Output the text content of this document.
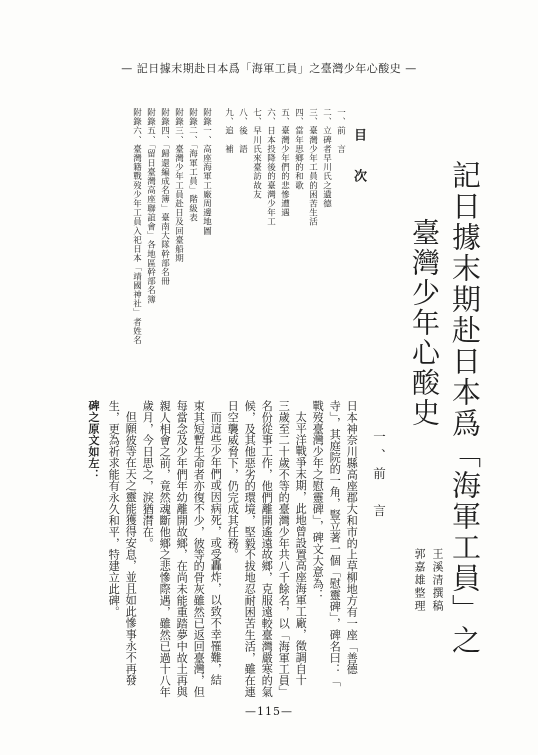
— 記日據末期赴日本爲「海軍工員」之臺灣少年心酸史 —
記日據末期赴日本爲「海軍工員」之
臺灣少年心酸史
王溪清撰稿
郭嘉雄整理
目次
一、前　言
二、立碑者早川氏之遺德
三、臺灣少年工員的困苦生活
四、當年思鄉的和歌
五、臺灣少年們的悲慘遭遇
六、日本投降後的臺灣少年工
七、早川氏來臺訪故友
八、後　語
九、追　補
附錄一、高座海軍工廠周邊地圖
附錄二、「海軍工員」階級表
附錄三、臺灣少年工員赴日及回臺船期
附錄四、「歸還編成名簿」臺南大隊幹部名冊
附錄五、「留日臺灣高座聯誼會」各地區幹部名簿
附錄六、臺灣籍戰歿少年工員入祀日本「靖國神社」者姓名
一、前　言
日本神奈川縣高座郡大和市的上草柳地方有一座「善德
寺」，其庭院的一角，豎立著一個「慰靈碑」，碑名曰：「
戰歿臺灣少年之慰靈碑」，碑文大意為：
太平洋戰爭末期，此地曾設置高座海軍工廠，徵調自十
三歲至二十歲不等的臺灣少年共八千餘名，以「海軍工員」
名份從事工作，他們離開遙遠故鄉，克服遠較臺灣嚴寒的氣
候，及其他惡劣的環境，堅毅不拔地忍耐困苦生活，雖在連
日空襲威脅下，仍完成其任務。
而這些少年們或因病死，或受轟炸，以致不幸罹難，結
束其短暫生命者亦復不少，彼等的骨灰雖然已返回臺灣，但
每當念及少年們年幼離開故鄉，在尚未能重踏夢中故土再與
親人相會之前，竟然魂斷他鄉之悲慘際遇，雖然已過十八年
歲月，今日思之，淚猶潸在。
但願彼等在天之靈能獲得安息，並且如此慘事永不再發
生，更為祈求能有永久和平，特建立此碑。
碑之原文如左：
—115—
